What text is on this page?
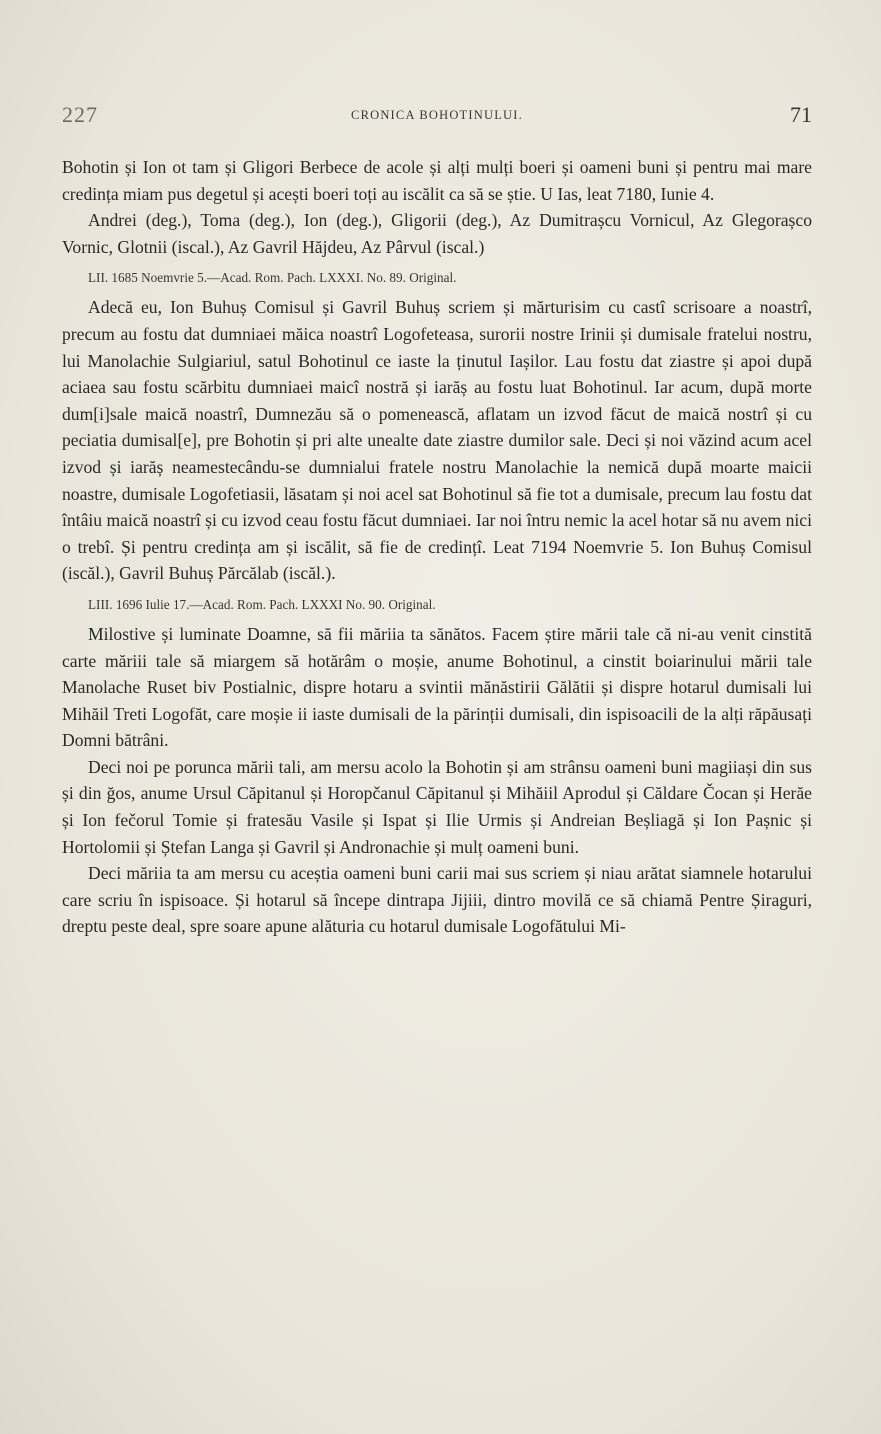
227	CRONICA BOHOTINULUI.	71

Bohotin și Ion ot tam și Gligori Berbece de acole și alți mulți boeri și oameni buni și pentru mai mare credința miam pus degetul și acești boeri toți au iscălit ca să se știe. U Ias, leat 7180, Iunie 4.

Andrei (deg.), Toma (deg.), Ion (deg.), Gligorii (deg.), Az Dumitrașcu Vornicul, Az Glegorașco Vornic, Glotnii (iscal.), Az Gavril Hăjdeu, Az Pârvul (iscal.)

LII. 1685 Noemvrie 5.—Acad. Rom. Pach. LXXXI. No. 89. Original.

Adecă eu, Ion Buhuș Comisul și Gavril Buhuș scriem și mărturisim cu castî scrisoare a noastrî, precum au fostu dat dumniaei măica noastrî Logofeteasa, surorii nostre Irinii și dumisale fratelui nostru, lui Manolachie Sulgiariul, satul Bohotinul ce iaste la ținutul Iașilor. Lau fostu dat ziastre și apoi după aciaea sau fostu scărbitu dumniaei maicî nostră și iarăș au fostu luat Bohotinul. Iar acum, după morte dum[i]sale maică noastrî, Dumnezău să o pomenească, aflatam un izvod făcut de maică nostrî și cu peciatia dumisal[e], pre Bohotin și pri alte unealte date ziastre dumilor sale. Deci și noi văzind acum acel izvod și iarăș neamestecându-se dumnialui fratele nostru Manolachie la nemică după moarte maicii noastre, dumisale Logofetiasii, lăsatam și noi acel sat Bohotinul să fie tot a dumisale, precum lau fostu dat întâiu maică noastrî și cu izvod ceau fostu făcut dumniaei. Iar noi întru nemic la acel hotar să nu avem nici o trebî. Și pentru credința am și iscălit, să fie de credințî. Leat 7194 Noemvrie 5. Ion Buhuș Comisul (iscăl.), Gavril Buhuș Părcălab (iscăl.).

LIII. 1696 Iulie 17.—Acad. Rom. Pach. LXXXI No. 90. Original.

Milostive și luminate Doamne, să fii măriia ta sănătos. Facem știre mării tale că ni-au venit cinstită carte măriii tale să miargem să hotărâm o moșie, anume Bohotinul, a cinstit boiarinului mării tale Manolache Ruset biv Postialnic, dispre hotaru a svintii mănăstirii Gălătii și dispre hotarul dumisali lui Mihăil Treti Logofăt, care moșie ii iaste dumisali de la părinții dumisali, din ispisoacili de la alți răpăusați Domni bătrâni.

Deci noi pe porunca mării tali, am mersu acolo la Bohotin și am strânsu oameni buni magiiași din sus și din ğos, anume Ursul Căpitanul și Horopčanul Căpitanul și Mihăiil Aprodul și Căldare Čocan și Herăe și Ion fečorul Tomie și fratesău Vasile și Ispat și Ilie Urmis și Andreian Beșliagă și Ion Pașnic și Hortolomii și Ștefan Langa și Gavril și Andronachie și mulț oameni buni.

Deci măriia ta am mersu cu aceștia oameni buni carii mai sus scriem și niau arătat siamnele hotarului care scriu în ispisoace. Și hotarul să începe dintrapa Jijiii, dintro movilă ce să chiamă Pentre Șiraguri, dreptu peste deal, spre soare apune alăturia cu hotarul dumisale Logofătului Mi-
